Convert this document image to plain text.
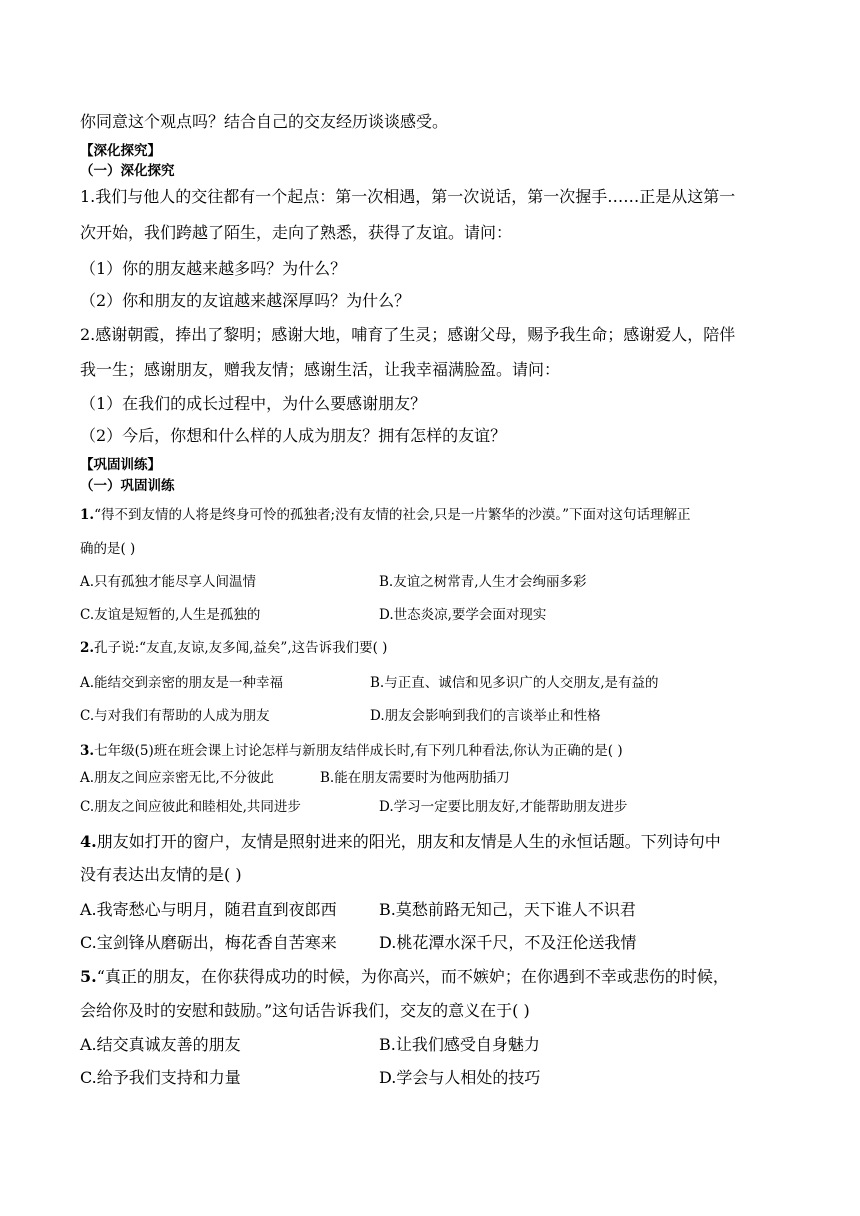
你同意这个观点吗？结合自己的交友经历谈谈感受。
【深化探究】
（一）深化探究
1.我们与他人的交往都有一个起点：第一次相遇，第一次说话，第一次握手……正是从这第一
次开始，我们跨越了陌生，走向了熟悉，获得了友谊。请问：
（1）你的朋友越来越多吗？为什么？
（2）你和朋友的友谊越来越深厚吗？为什么？
2.感谢朝霞，捧出了黎明；感谢大地，哺育了生灵；感谢父母，赐予我生命；感谢爱人，陪伴
我一生；感谢朋友，赠我友情；感谢生活，让我幸福满脸盈。请问：
（1）在我们的成长过程中，为什么要感谢朋友？
（2）今后，你想和什么样的人成为朋友？拥有怎样的友谊？
【巩固训练】
（一）巩固训练
1.“得不到友情的人将是终身可怜的孤独者;没有友情的社会,只是一片繁华的沙漠。”下面对这句话理解正
确的是( )
A.只有孤独才能尽享人间温情	B.友谊之树常青,人生才会绚丽多彩
C.友谊是短暂的,人生是孤独的	D.世态炎凉,要学会面对现实
2.孔子说:“友直,友谅,友多闻,益矣”,这告诉我们要( )
A.能结交到亲密的朋友是一种幸福	B.与正直、诚信和见多识广的人交朋友,是有益的
C.与对我们有帮助的人成为朋友	D.朋友会影响到我们的言谈举止和性格
3.七年级(5)班在班会课上讨论怎样与新朋友结伴成长时,有下列几种看法,你认为正确的是( )
A.朋友之间应亲密无比,不分彼此	B.能在朋友需要时为他两肋插刀
C.朋友之间应彼此和睦相处,共同进步	D.学习一定要比朋友好,才能帮助朋友进步
4.朋友如打开的窗户，友情是照射进来的阳光，朋友和友情是人生的永恒话题。下列诗句中
没有表达出友情的是( )
A.我寄愁心与明月，随君直到夜郎西	B.莫愁前路无知己，天下谁人不识君
C.宝剑锋从磨砺出，梅花香自苦寒来	D.桃花潭水深千尺，不及汪伦送我情
5.“真正的朋友，在你获得成功的时候，为你高兴，而不嫉妒；在你遇到不幸或悲伤的时候，
会给你及时的安慰和鼓励。”这句话告诉我们，交友的意义在于( )
A.结交真诚友善的朋友	B.让我们感受自身魅力
C.给予我们支持和力量	D.学会与人相处的技巧
